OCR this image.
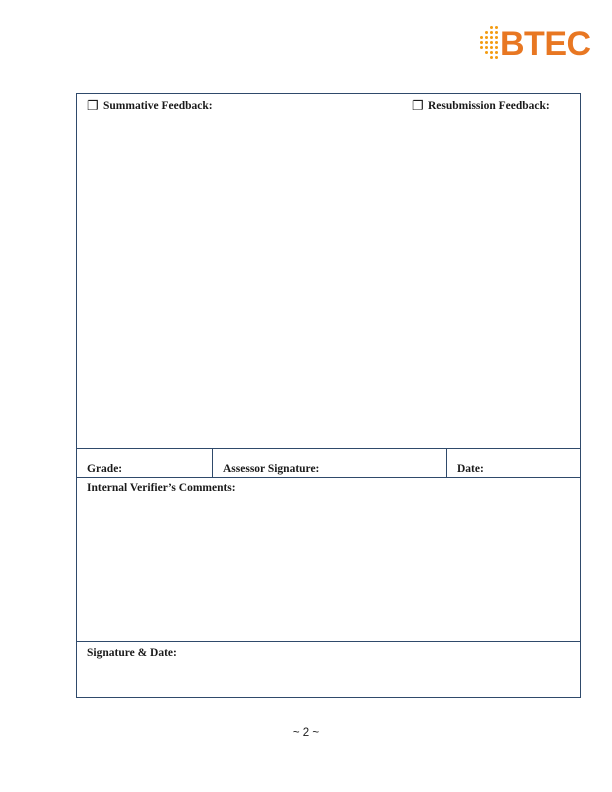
BTEC
❐ Summative Feedback:	❐ Resubmission Feedback:
Grade:	Assessor Signature:	Date:
Internal Verifier’s Comments:
Signature & Date:
~ 2 ~
